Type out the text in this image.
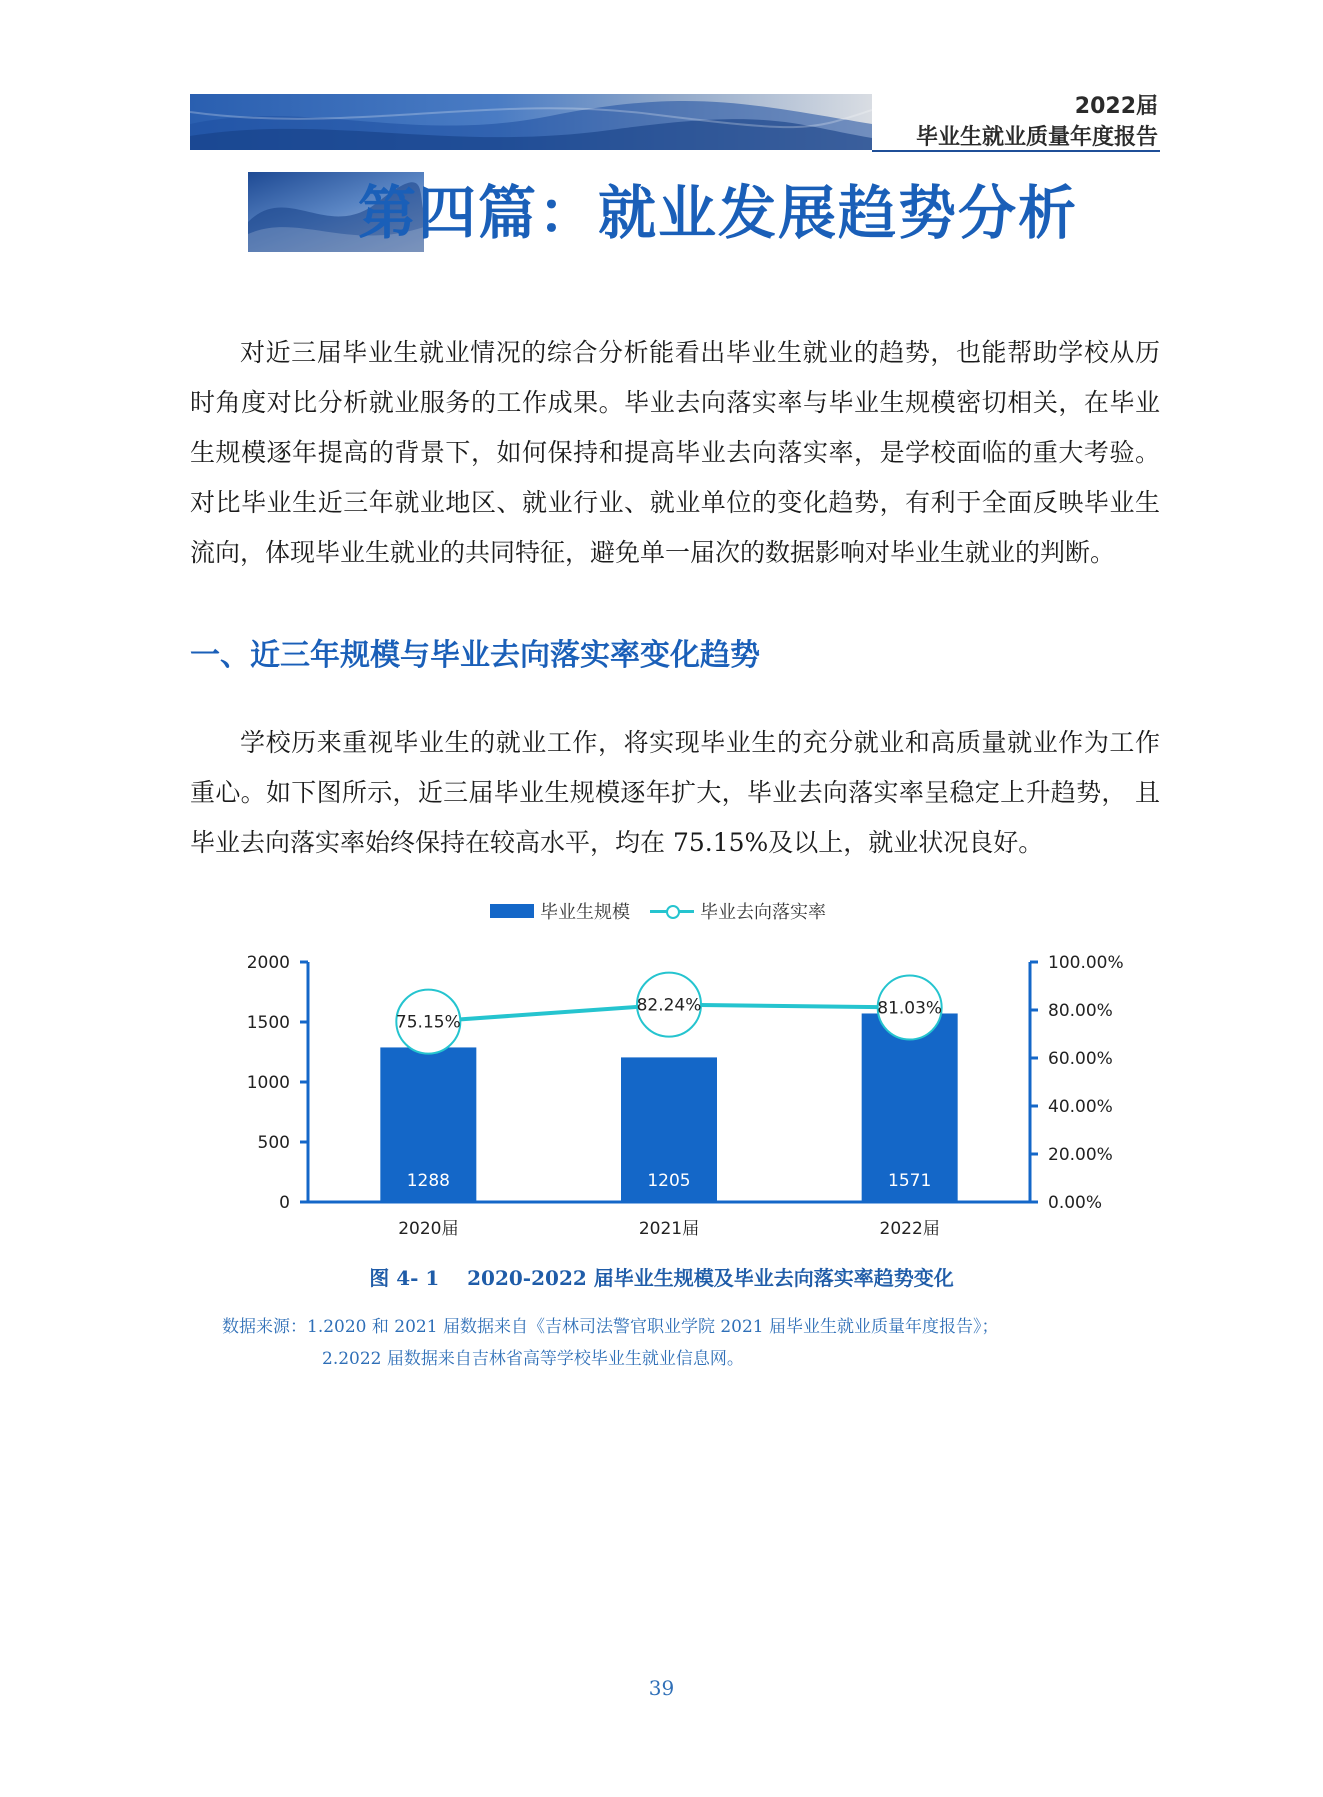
2022届
毕业生就业质量年度报告
第四篇：就业发展趋势分析

对近三届毕业生就业情况的综合分析能看出毕业生就业的趋势，也能帮助学校从历时角度对比分析就业服务的工作成果。毕业去向落实率与毕业生规模密切相关，在毕业生规模逐年提高的背景下，如何保持和提高毕业去向落实率，是学校面临的重大考验。对比毕业生近三年就业地区、就业行业、就业单位的变化趋势，有利于全面反映毕业生流向，体现毕业生就业的共同特征，避免单一届次的数据影响对毕业生就业的判断。

一、近三年规模与毕业去向落实率变化趋势

学校历来重视毕业生的就业工作，将实现毕业生的充分就业和高质量就业作为工作重心。如下图所示，近三届毕业生规模逐年扩大，毕业去向落实率呈稳定上升趋势， 且毕业去向落实率始终保持在较高水平，均在 75.15%及以上，就业状况良好。

毕业生规模	毕业去向落实率
0
500
1000
1500
2000
0.00%
20.00%
40.00%
60.00%
80.00%
100.00%
1288
2020届
1205
2021届
1571
2022届
75.15%
82.24%	81.03%
图 4- 1    2020-2022 届毕业生规模及毕业去向落实率趋势变化
数据来源：1.2020 和 2021 届数据来自《吉林司法警官职业学院 2021 届毕业生就业质量年度报告》；
2.2022 届数据来自吉林省高等学校毕业生就业信息网。
39
